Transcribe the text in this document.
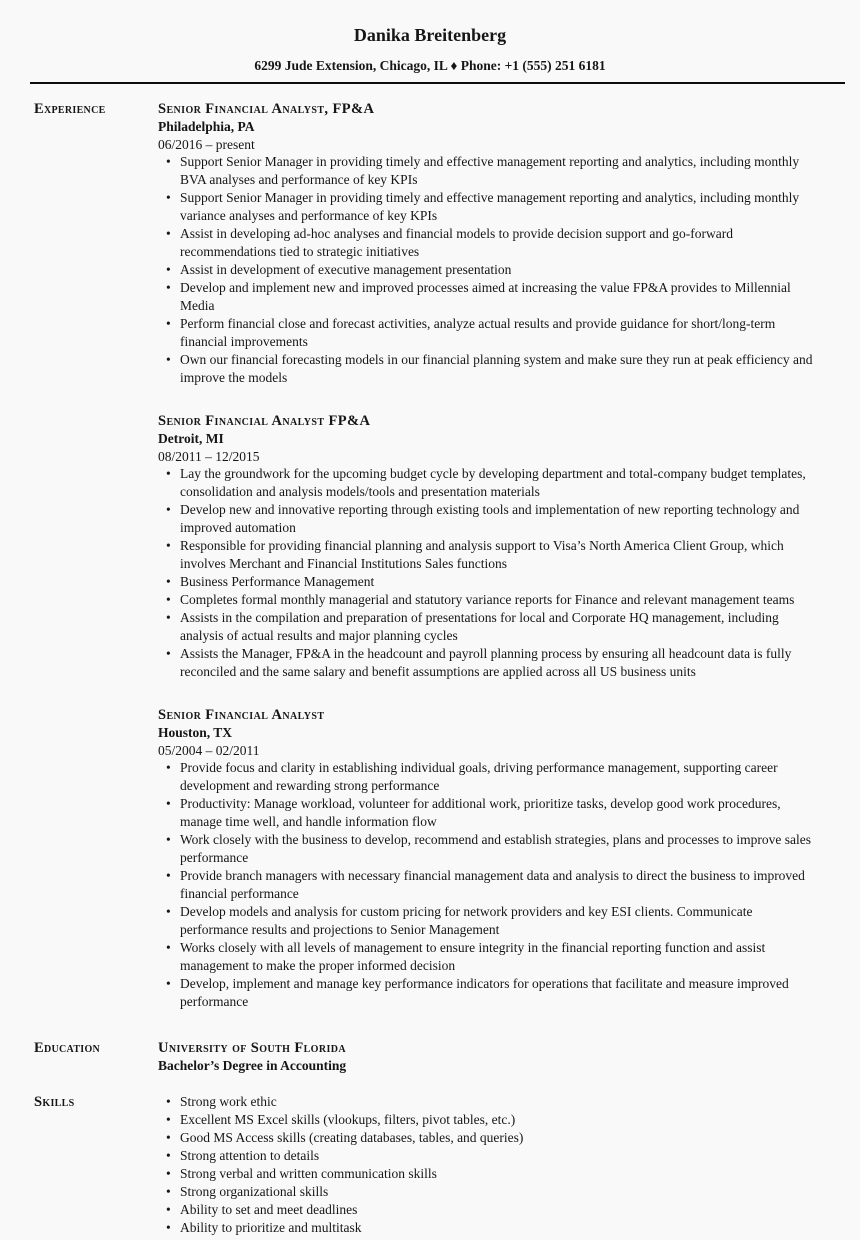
Danika Breitenberg
6299 Jude Extension, Chicago, IL ♦ Phone: +1 (555) 251 6181
Experience	Senior Financial Analyst, FP&A
Philadelphia, PA
06/2016 – present
• Support Senior Manager in providing timely and effective management reporting and analytics, including monthly BVA analyses and performance of key KPIs
• Support Senior Manager in providing timely and effective management reporting and analytics, including monthly variance analyses and performance of key KPIs
• Assist in developing ad-hoc analyses and financial models to provide decision support and go-forward recommendations tied to strategic initiatives
• Assist in development of executive management presentation
• Develop and implement new and improved processes aimed at increasing the value FP&A provides to Millennial Media
• Perform financial close and forecast activities, analyze actual results and provide guidance for short/long-term financial improvements
• Own our financial forecasting models in our financial planning system and make sure they run at peak efficiency and improve the models
Senior Financial Analyst FP&A
Detroit, MI
08/2011 – 12/2015
• Lay the groundwork for the upcoming budget cycle by developing department and total-company budget templates, consolidation and analysis models/tools and presentation materials
• Develop new and innovative reporting through existing tools and implementation of new reporting technology and improved automation
• Responsible for providing financial planning and analysis support to Visa’s North America Client Group, which involves Merchant and Financial Institutions Sales functions
• Business Performance Management
• Completes formal monthly managerial and statutory variance reports for Finance and relevant management teams
• Assists in the compilation and preparation of presentations for local and Corporate HQ management, including analysis of actual results and major planning cycles
• Assists the Manager, FP&A in the headcount and payroll planning process by ensuring all headcount data is fully reconciled and the same salary and benefit assumptions are applied across all US business units
Senior Financial Analyst
Houston, TX
05/2004 – 02/2011
• Provide focus and clarity in establishing individual goals, driving performance management, supporting career development and rewarding strong performance
• Productivity: Manage workload, volunteer for additional work, prioritize tasks, develop good work procedures, manage time well, and handle information flow
• Work closely with the business to develop, recommend and establish strategies, plans and processes to improve sales performance
• Provide branch managers with necessary financial management data and analysis to direct the business to improved financial performance
• Develop models and analysis for custom pricing for network providers and key ESI clients. Communicate performance results and projections to Senior Management
• Works closely with all levels of management to ensure integrity in the financial reporting function and assist management to make the proper informed decision
• Develop, implement and manage key performance indicators for operations that facilitate and measure improved performance
Education	University of South Florida
Bachelor’s Degree in Accounting
Skills	• Strong work ethic
• Excellent MS Excel skills (vlookups, filters, pivot tables, etc.)
• Good MS Access skills (creating databases, tables, and queries)
• Strong attention to details
• Strong verbal and written communication skills
• Strong organizational skills
• Ability to set and meet deadlines
• Ability to prioritize and multitask
